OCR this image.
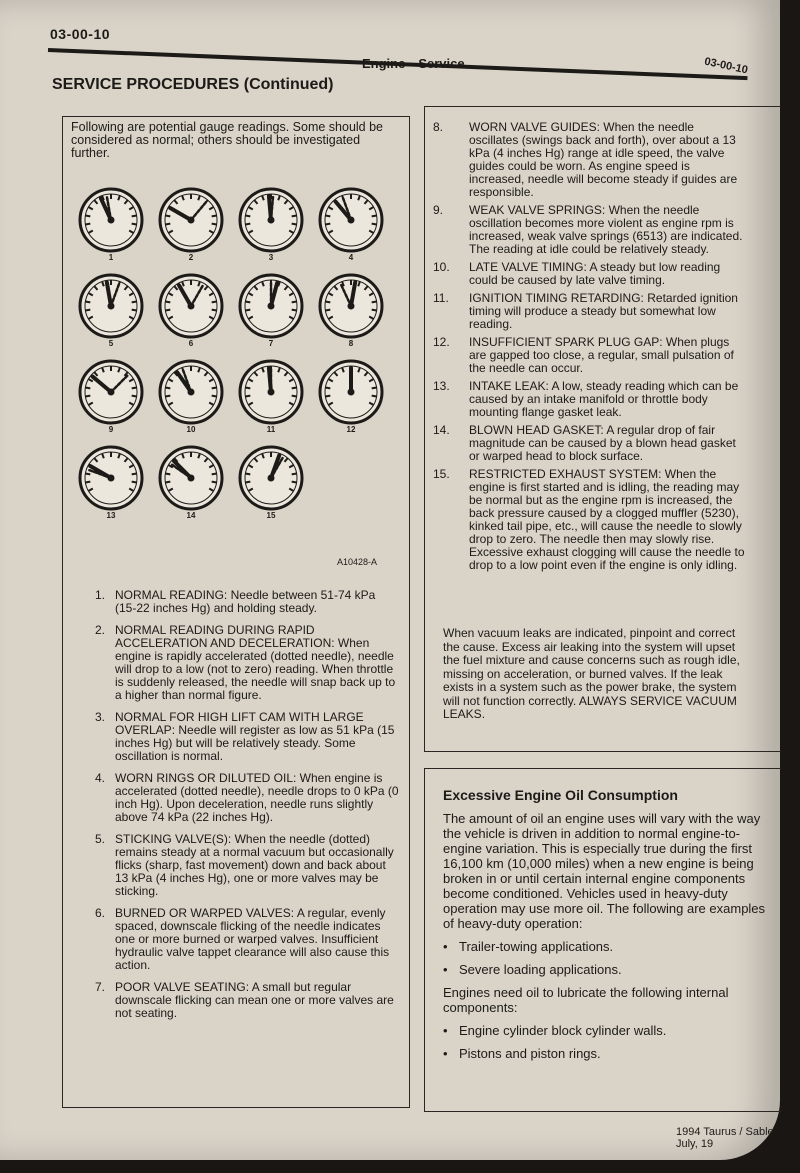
03-00-10
Engine—Service	03-00-10
SERVICE PROCEDURES (Continued)
Following are potential gauge readings. Some should be considered as normal; others should be investigated further.
1	2	3	4
5	6	7	8
9	10	11	12
13	14	15
A10428-A
1. NORMAL READING: Needle between 51-74 kPa (15-22 inches Hg) and holding steady.
2. NORMAL READING DURING RAPID ACCELERATION AND DECELERATION: When engine is rapidly accelerated (dotted needle), needle will drop to a low (not to zero) reading. When throttle is suddenly released, the needle will snap back up to a higher than normal figure.
3. NORMAL FOR HIGH LIFT CAM WITH LARGE OVERLAP: Needle will register as low as 51 kPa (15 inches Hg) but will be relatively steady. Some oscillation is normal.
4. WORN RINGS OR DILUTED OIL: When engine is accelerated (dotted needle), needle drops to 0 kPa (0 inch Hg). Upon deceleration, needle runs slightly above 74 kPa (22 inches Hg).
5. STICKING VALVE(S): When the needle (dotted) remains steady at a normal vacuum but occasionally flicks (sharp, fast movement) down and back about 13 kPa (4 inches Hg), one or more valves may be sticking.
6. BURNED OR WARPED VALVES: A regular, evenly spaced, downscale flicking of the needle indicates one or more burned or warped valves. Insufficient hydraulic valve tappet clearance will also cause this action.
7. POOR VALVE SEATING: A small but regular downscale flicking can mean one or more valves are not seating.
8.	WORN VALVE GUIDES: When the needle oscillates (swings back and forth), over about a 13 kPa (4 inches Hg) range at idle speed, the valve guides could be worn. As engine speed is increased, needle will become steady if guides are responsible.
9.	WEAK VALVE SPRINGS: When the needle oscillation becomes more violent as engine rpm is increased, weak valve springs (6513) are indicated. The reading at idle could be relatively steady.
10.	LATE VALVE TIMING: A steady but low reading could be caused by late valve timing.
11.	IGNITION TIMING RETARDING: Retarded ignition timing will produce a steady but somewhat low reading.
12.	INSUFFICIENT SPARK PLUG GAP: When plugs are gapped too close, a regular, small pulsation of the needle can occur.
13.	INTAKE LEAK: A low, steady reading which can be caused by an intake manifold or throttle body mounting flange gasket leak.
14.	BLOWN HEAD GASKET: A regular drop of fair magnitude can be caused by a blown head gasket or warped head to block surface.
15.	RESTRICTED EXHAUST SYSTEM: When the engine is first started and is idling, the reading may be normal but as the engine rpm is increased, the back pressure caused by a clogged muffler (5230), kinked tail pipe, etc., will cause the needle to slowly drop to zero. The needle then may slowly rise. Excessive exhaust clogging will cause the needle to drop to a low point even if the engine is only idling.
When vacuum leaks are indicated, pinpoint and correct the cause. Excess air leaking into the system will upset the fuel mixture and cause concerns such as rough idle, missing on acceleration, or burned valves. If the leak exists in a system such as the power brake, the system will not function correctly. ALWAYS SERVICE VACUUM LEAKS.
Excessive Engine Oil Consumption

The amount of oil an engine uses will vary with the way the vehicle is driven in addition to normal engine-to-engine variation. This is especially true during the first 16,100 km (10,000 miles) when a new engine is being broken in or until certain internal engine components become conditioned. Vehicles used in heavy-duty operation may use more oil. The following are examples of heavy-duty operation:

• Trailer-towing applications.
• Severe loading applications.

Engines need oil to lubricate the following internal components:

• Engine cylinder block cylinder walls.
• Pistons and piston rings.
1994 Taurus / Sable July, 19
